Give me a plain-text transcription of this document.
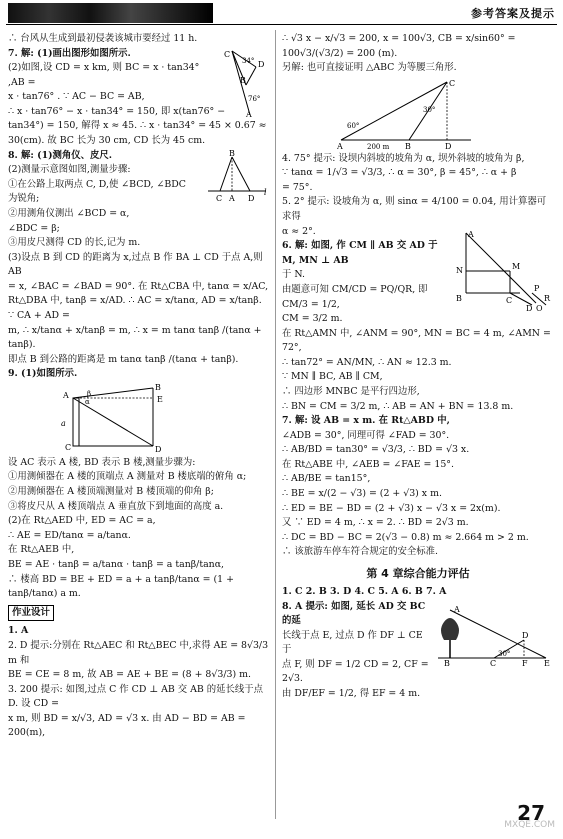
参考答案及提示

∴ 台风从生成到最初侵袭该城市要经过 11 h.

7. 解: (1)画出图形如图所示.

(2)如图,设 CD = x km, 则 BC = x · tan34° ,AB =

x · tan76° . ∵ AC − BC = AB,

C
D
B
A
34°
76°

∴ x · tan76° − x · tan34° = 150, 即 x(tan76° −

tan34°) = 150, 解得 x ≈ 45. ∴ x · tan34° = 45 × 0.67 ≈

30(cm). 故 BC 长为 30 cm, CD 长为 45 cm.

8. 解: (1)测角仪、皮尺.

(2)测量示意图如图,测量步骤:

①在公路上取两点 C, D,使 ∠BCD, ∠BDC

为锐角;

②用测角仪测出 ∠BCD = α,

∠BDC = β;

③用皮尺测得 CD 的长,记为 m.

B
C A D
l

(3)设点 B 到 CD 的距离为 x,过点 B 作 BA ⊥ CD 于点 A,则 AB

= x, ∠BAC = ∠BAD = 90°. 在 Rt△CBA 中, tanα = x/AC,

Rt△DBA 中, tanβ = x/AD. ∴ AC = x/tanα, AD = x/tanβ. ∵ CA + AD =

m, ∴ x/tanα + x/tanβ = m, ∴ x = m tanα tanβ /(tanα + tanβ).

即点 B 到公路的距离是 m tanα tanβ /(tanα + tanβ).

9. (1)如图所示.

A
B
E
C	D
a
α
β

设 AC 表示 A 楼, BD 表示 B 楼,测量步骤为:

①用测倾器在 A 楼的顶端点 A 测量对 B 楼底端的俯角 α;

②用测倾器在 A 楼顶端测量对 B 楼顶端的仰角 β;

③将皮尺从 A 楼顶端点 A 垂直放下到地面的高度 a.

(2)在 Rt△AED 中, ED = AC = a,

∴ AE = ED/tanα = a/tanα.

在 Rt△AEB 中,

BE = AE · tanβ = a/tanα · tanβ = a tanβ/tanα,

∴ 楼高 BD = BE + ED = a + a tanβ/tanα = (1 + tanβ/tanα) a m.

作业设计

1. A

2. D 提示:分别在 Rt△AEC 和 Rt△BEC 中,求得 AE = 8√3/3 m 和

BE = CE = 8 m, 故 AB = AE + BE = (8 + 8√3/3) m.

3. 200 提示: 如图,过点 C 作 CD ⊥ AB 交 AB 的延长线于点 D. 设 CD =

x m, 则 BD = x/√3, AD = √3 x. 由 AD − BD = AB = 200(m),

∴ √3 x − x/√3 = 200, x = 100√3, CB = x/sin60° = 100√3/(√3/2) = 200 (m).

另解: 也可直接证明 △ABC 为等腰三角形.

A	B	D
C
60°
30°
200 m

4. 75° 提示: 设坝内斜坡的坡角为 α, 坝外斜坡的坡角为 β,

∵ tanα = 1/√3 = √3/3, ∴ α = 30°, β = 45°, ∴ α + β

= 75°.

5. 2° 提示: 设坡角为 α, 则 sinα = 4/100 = 0.04, 用计算器可求得

α ≈ 2°.

6. 解: 如图, 作 CM ∥ AB 交 AD 于 M, MN ⊥ AB

于 N.

由题意可知 CM/CD = PQ/QR, 即 CM/3 = 1/2,

CM = 3/2 m.

N	M
A
B	C
D
P
Q
R

在 Rt△AMN 中, ∠ANM = 90°, MN = BC = 4 m, ∠AMN = 72°,

∴ tan72° = AN/MN, ∴ AN ≈ 12.3 m.

∵ MN ∥ BC, AB ∥ CM,

∴ 四边形 MNBC 是平行四边形,

∴ BN = CM = 3/2 m, ∴ AB = AN + BN = 13.8 m.

7. 解: 设 AB = x m. 在 Rt△ABD 中,

∠ADB = 30°, 同理可得 ∠FAD = 30°.

∴ AB/BD = tan30° = √3/3, ∴ BD = √3 x.

在 Rt△ABE 中, ∠AEB = ∠FAE = 15°.

∴ AB/BE = tan15°,

∴ BE = x/(2 − √3) = (2 + √3) x m.

∴ ED = BE − BD = (2 + √3) x − √3 x = 2x(m).

又 ∵ ED = 4 m, ∴ x = 2. ∴ BD = 2√3 m.

∴ DC = BD − BC = 2(√3 − 0.8) m ≈ 2.664 m > 2 m.

∴ 该旅游车停车符合规定的安全标准.

第 4 章综合能力评估

1. C 2. B 3. D 4. C 5. A 6. B 7. A

8. A 提示: 如图, 延长 AD 交 BC 的延

长线于点 E, 过点 D 作 DF ⊥ CE 于

点 F, 则 DF = 1/2 CD = 2, CF = 2√3.

由 DF/EF = 1/2, 得 EF = 4 m.

A
B	C
D
E
F
30°

27
MXQE.COM
